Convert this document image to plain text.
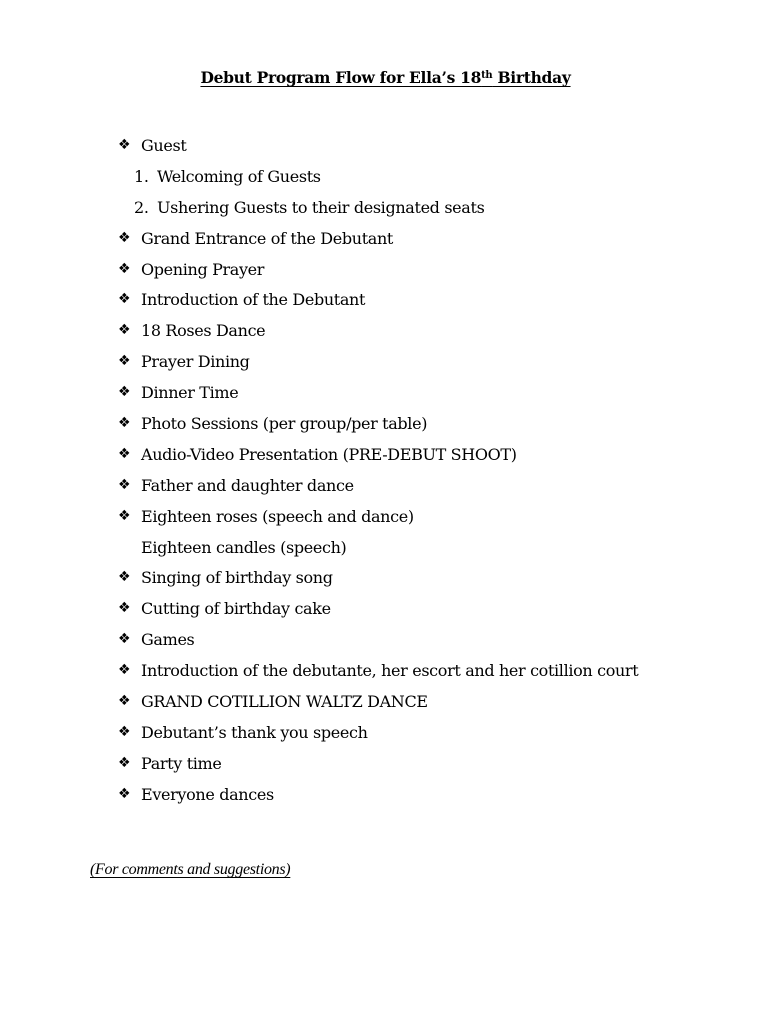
Debut Program Flow for Ella’s 18th Birthday
❖ Guest
1. Welcoming of Guests
2. Ushering Guests to their designated seats
❖ Grand Entrance of the Debutant
❖ Opening Prayer
❖ Introduction of the Debutant
❖ 18 Roses Dance
❖ Prayer Dining
❖ Dinner Time
❖ Photo Sessions (per group/per table)
❖ Audio-Video Presentation (PRE-DEBUT SHOOT)
❖ Father and daughter dance
❖ Eighteen roses (speech and dance)
Eighteen candles (speech)
❖ Singing of birthday song
❖ Cutting of birthday cake
❖ Games
❖ Introduction of the debutante, her escort and her cotillion court
❖ GRAND COTILLION WALTZ DANCE
❖ Debutant’s thank you speech
❖ Party time
❖ Everyone dances
(For comments and suggestions)
